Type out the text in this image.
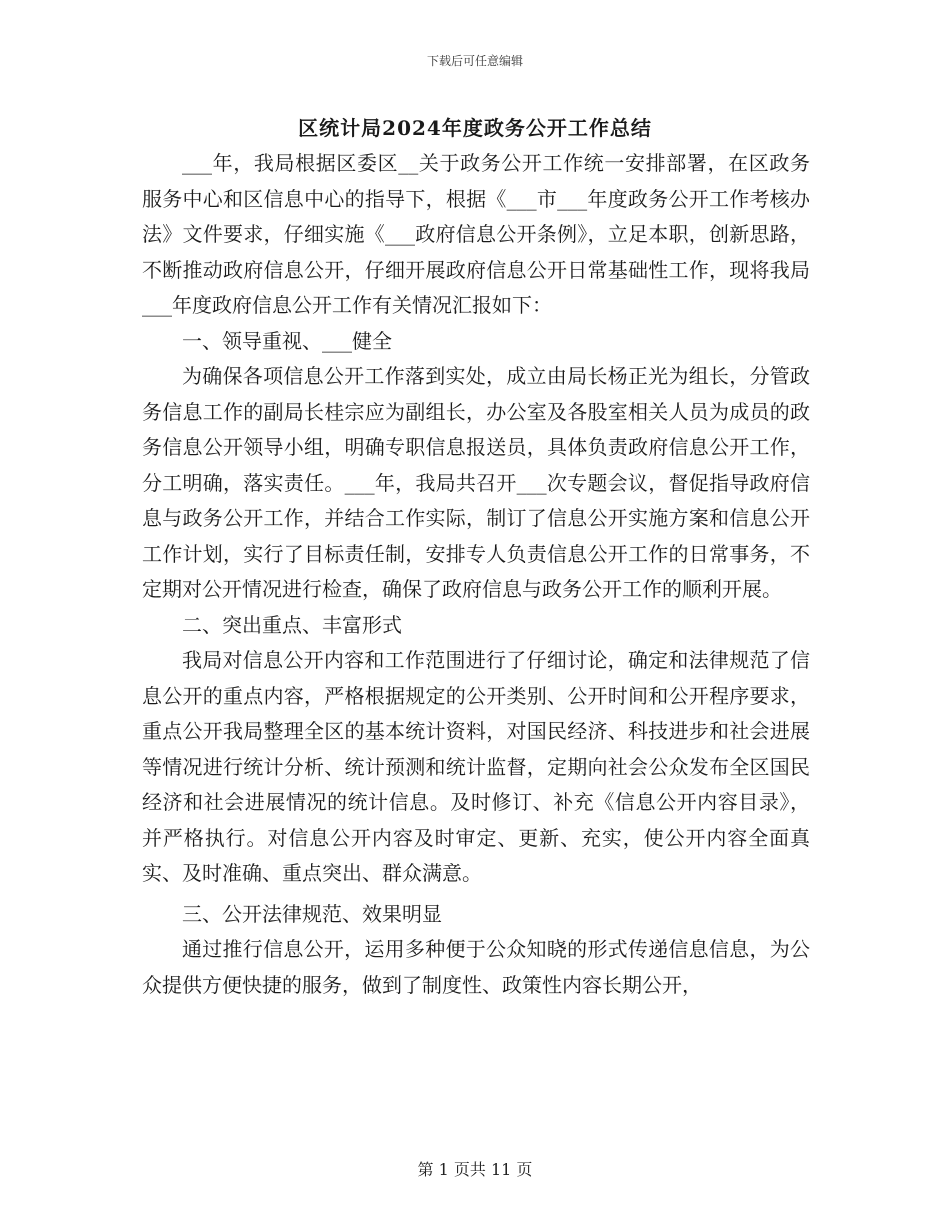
下载后可任意编辑
区统计局2024年度政务公开工作总结

___年，我局根据区委区__关于政务公开工作统一安排部署，在区政务服务中心和区信息中心的指导下，根据《___市___年度政务公开工作考核办法》文件要求，仔细实施《___政府信息公开条例》，立足本职，创新思路，不断推动政府信息公开，仔细开展政府信息公开日常基础性工作，现将我局___年度政府信息公开工作有关情况汇报如下：

一、领导重视、___健全

为确保各项信息公开工作落到实处，成立由局长杨正光为组长，分管政务信息工作的副局长桂宗应为副组长，办公室及各股室相关人员为成员的政务信息公开领导小组，明确专职信息报送员，具体负责政府信息公开工作，分工明确，落实责任。___年，我局共召开___次专题会议，督促指导政府信息与政务公开工作，并结合工作实际，制订了信息公开实施方案和信息公开工作计划，实行了目标责任制，安排专人负责信息公开工作的日常事务，不定期对公开情况进行检查，确保了政府信息与政务公开工作的顺利开展。

二、突出重点、丰富形式

我局对信息公开内容和工作范围进行了仔细讨论，确定和法律规范了信息公开的重点内容，严格根据规定的公开类别、公开时间和公开程序要求，重点公开我局整理全区的基本统计资料，对国民经济、科技进步和社会进展等情况进行统计分析、统计预测和统计监督，定期向社会公众发布全区国民经济和社会进展情况的统计信息。及时修订、补充《信息公开内容目录》，并严格执行。对信息公开内容及时审定、更新、充实，使公开内容全面真实、及时准确、重点突出、群众满意。

三、公开法律规范、效果明显

通过推行信息公开，运用多种便于公众知晓的形式传递信息信息，为公众提供方便快捷的服务，做到了制度性、政策性内容长期公开，

第 1 页共 11 页
